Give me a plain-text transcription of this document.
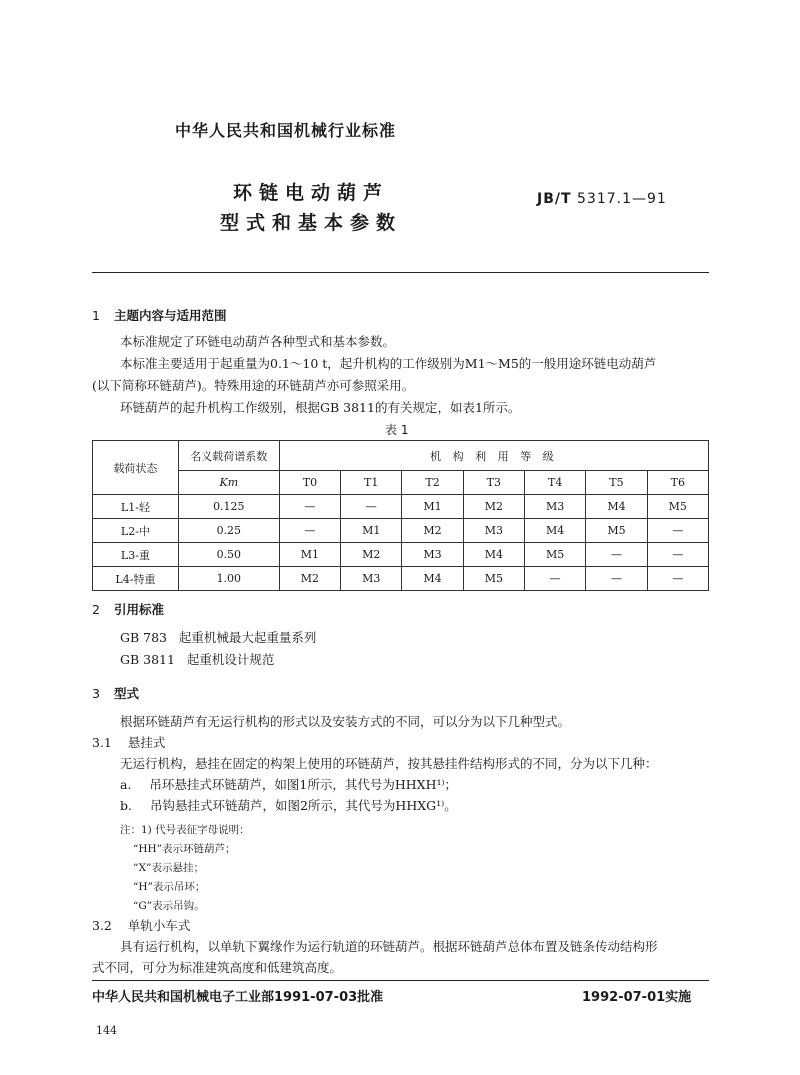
中华人民共和国机械行业标准
环链电动葫芦
型式和基本参数
JB/T 5317.1—91
1 主题内容与适用范围
本标准规定了环链电动葫芦各种型式和基本参数。
本标准主要适用于起重量为0.1～10 t，起升机构的工作级别为M1～M5的一般用途环链电动葫芦
(以下简称环链葫芦)。特殊用途的环链葫芦亦可参照采用。
环链葫芦的起升机构工作级别，根据GB 3811的有关规定，如表1所示。
表 1
载荷状态	名义载荷谱系数	机 构 利 用 等 级						
	Km	T0	T1	T2	T3	T4	T5	T6
L1-轻	0.125	—	—	M1	M2	M3	M4	M5
L2-中	0.25	—	M1	M2	M3	M4	M5	—
L3-重	0.50	M1	M2	M3	M4	M5	—	—
L4-特重	1.00	M2	M3	M4	M5	—	—	—
2 引用标准
GB 783   起重机械最大起重量系列
GB 3811   起重机设计规范
3 型式
根据环链葫芦有无运行机构的形式以及安装方式的不同，可以分为以下几种型式。
3.1 悬挂式
无运行机构，悬挂在固定的构架上使用的环链葫芦，按其悬挂件结构形式的不同，分为以下几种：
a. 吊环悬挂式环链葫芦，如图1所示，其代号为HHXH¹⁾；
b. 吊钩悬挂式环链葫芦，如图2所示，其代号为HHXG¹⁾。
注：1) 代号表征字母说明：
“HH”表示环链葫芦；
“X”表示悬挂；
“H”表示吊环；
“G”表示吊钩。
3.2 单轨小车式
具有运行机构，以单轨下翼缘作为运行轨道的环链葫芦。根据环链葫芦总体布置及链条传动结构形
式不同，可分为标准建筑高度和低建筑高度。
中华人民共和国机械电子工业部1991-07-03批准	1992-07-01实施
144
